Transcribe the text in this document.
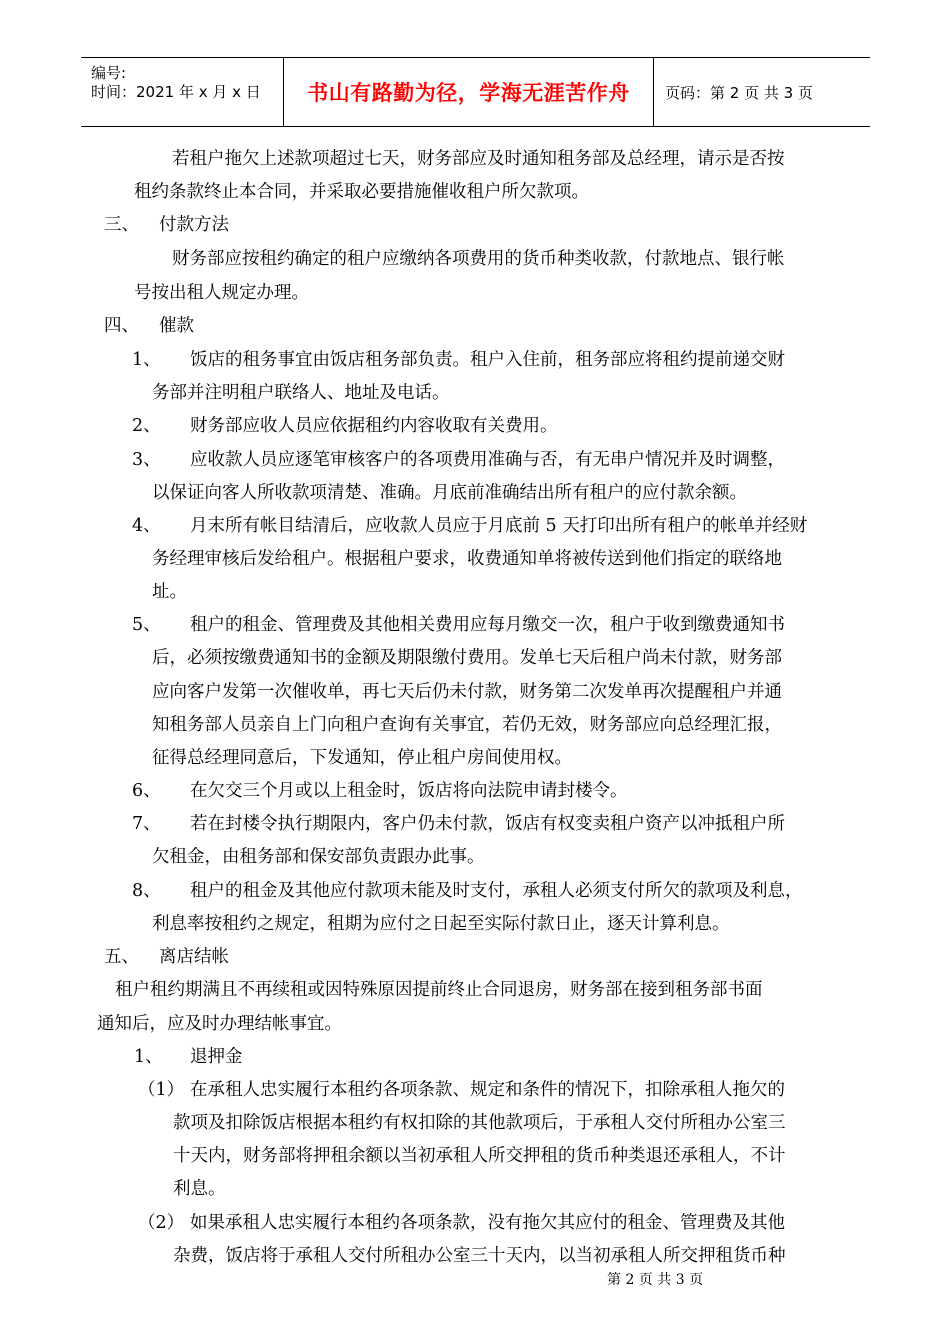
编号:
时间：2021 年 x 月 x 日	书山有路勤为径，学海无涯苦作舟	页码：第 2 页 共 3 页
若租户拖欠上述款项超过七天，财务部应及时通知租务部及总经理，请示是否按
租约条款终止本合同，并采取必要措施催收租户所欠款项。
三、 付款方法
财务部应按租约确定的租户应缴纳各项费用的货币种类收款，付款地点、银行帐
号按出租人规定办理。
四、 催款
1、 饭店的租务事宜由饭店租务部负责。租户入住前，租务部应将租约提前递交财
务部并注明租户联络人、地址及电话。
2、 财务部应收人员应依据租约内容收取有关费用。
3、 应收款人员应逐笔审核客户的各项费用准确与否，有无串户情况并及时调整，
以保证向客人所收款项清楚、准确。月底前准确结出所有租户的应付款余额。
4、 月末所有帐目结清后，应收款人员应于月底前 5 天打印出所有租户的帐单并经财
务经理审核后发给租户。根据租户要求，收费通知单将被传送到他们指定的联络地
址。
5、 租户的租金、管理费及其他相关费用应每月缴交一次，租户于收到缴费通知书
后，必须按缴费通知书的金额及期限缴付费用。发单七天后租户尚未付款，财务部
应向客户发第一次催收单，再七天后仍未付款，财务第二次发单再次提醒租户并通
知租务部人员亲自上门向租户查询有关事宜，若仍无效，财务部应向总经理汇报，
征得总经理同意后，下发通知，停止租户房间使用权。
6、 在欠交三个月或以上租金时，饭店将向法院申请封楼令。
7、 若在封楼令执行期限内，客户仍未付款，饭店有权变卖租户资产以冲抵租户所
欠租金，由租务部和保安部负责跟办此事。
8、 租户的租金及其他应付款项未能及时支付，承租人必须支付所欠的款项及利息，
利息率按租约之规定，租期为应付之日起至实际付款日止，逐天计算利息。
五、 离店结帐
租户租约期满且不再续租或因特殊原因提前终止合同退房，财务部在接到租务部书面
通知后，应及时办理结帐事宜。
1、 退押金
（1） 在承租人忠实履行本租约各项条款、规定和条件的情况下，扣除承租人拖欠的
款项及扣除饭店根据本租约有权扣除的其他款项后，于承租人交付所租办公室三
十天内，财务部将押租余额以当初承租人所交押租的货币种类退还承租人，不计
利息。
（2） 如果承租人忠实履行本租约各项条款，没有拖欠其应付的租金、管理费及其他
杂费，饭店将于承租人交付所租办公室三十天内，以当初承租人所交押租货币种
第 2 页 共 3 页
